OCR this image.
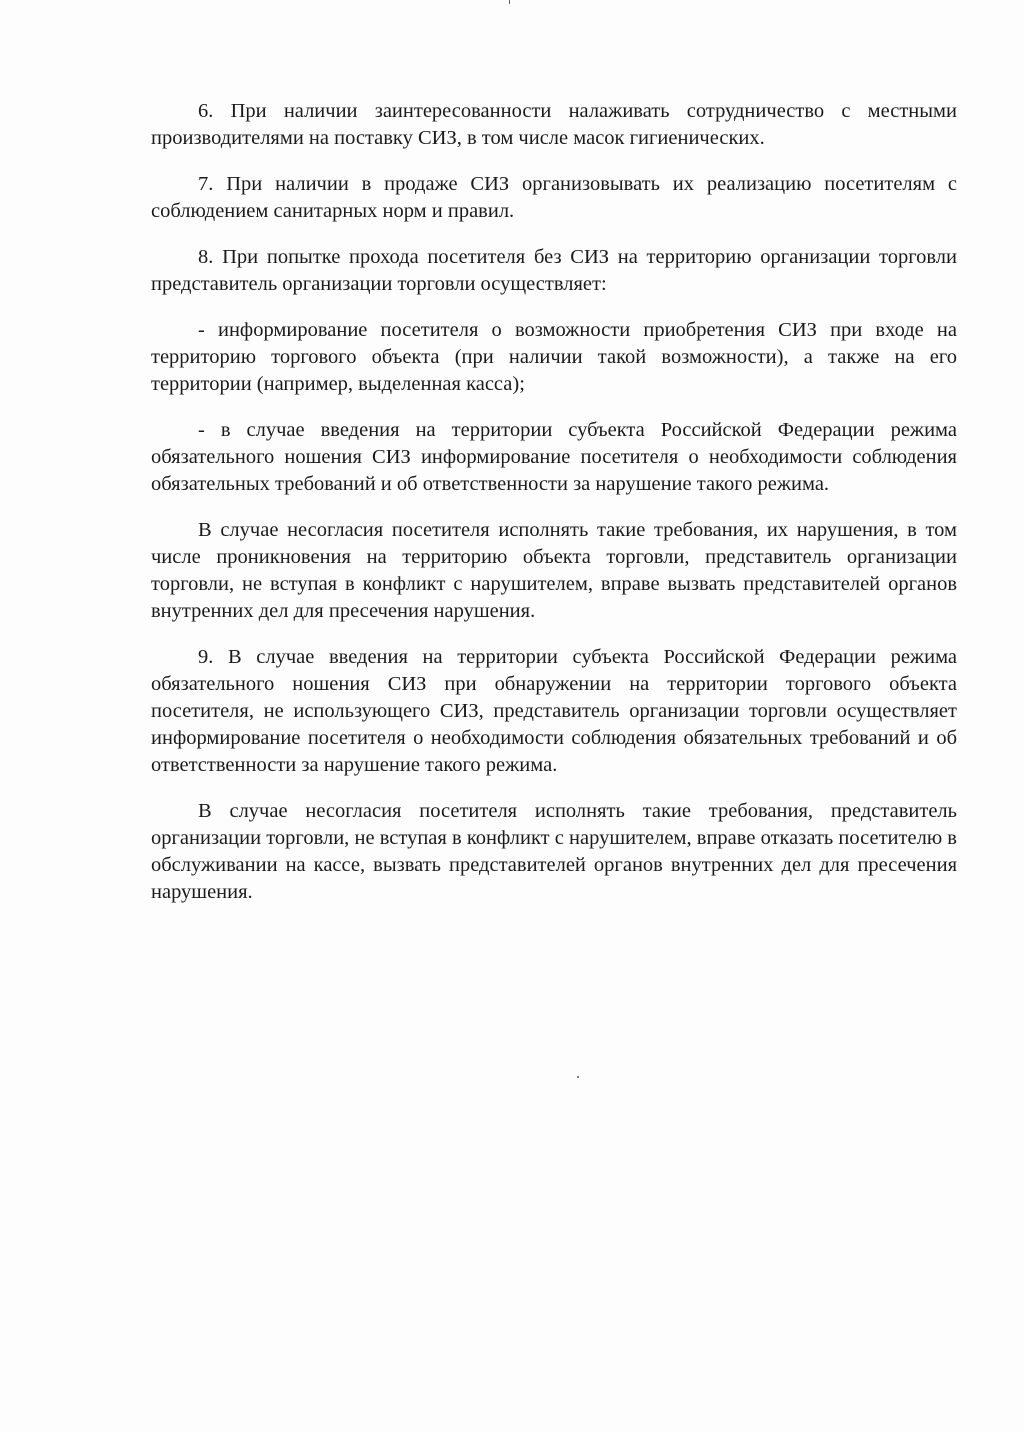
6. При наличии заинтересованности налаживать сотрудничество с местными производителями на поставку СИЗ, в том числе масок гигиенических.

7. При наличии в продаже СИЗ организовывать их реализацию посетителям с соблюдением санитарных норм и правил.

8. При попытке прохода посетителя без СИЗ на территорию организации торговли представитель организации торговли осуществляет:

- информирование посетителя о возможности приобретения СИЗ при входе на территорию торгового объекта (при наличии такой возможности), а также на его территории (например, выделенная касса);

- в случае введения на территории субъекта Российской Федерации режима обязательного ношения СИЗ информирование посетителя о необходимости соблюдения обязательных требований и об ответственности за нарушение такого режима.

В случае несогласия посетителя исполнять такие требования, их нарушения, в том числе проникновения на территорию объекта торговли, представитель организации торговли, не вступая в конфликт с нарушителем, вправе вызвать представителей органов внутренних дел для пресечения нарушения.

9. В случае введения на территории субъекта Российской Федерации режима обязательного ношения СИЗ при обнаружении на территории торгового объекта посетителя, не использующего СИЗ, представитель организации торговли осуществляет информирование посетителя о необходимости соблюдения обязательных требований и об ответственности за нарушение такого режима.

В случае несогласия посетителя исполнять такие требования, представитель организации торговли, не вступая в конфликт с нарушителем, вправе отказать посетителю в обслуживании на кассе, вызвать представителей органов внутренних дел для пресечения нарушения.
